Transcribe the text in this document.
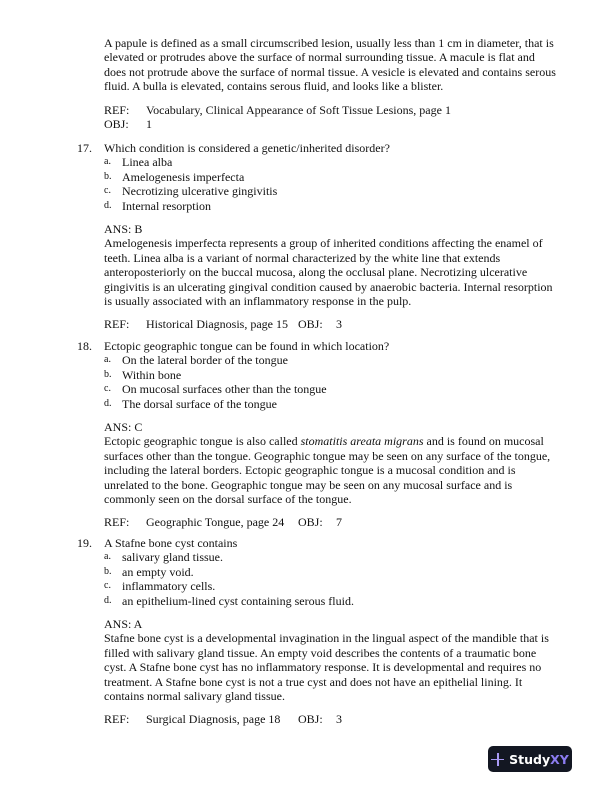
A papule is defined as a small circumscribed lesion, usually less than 1 cm in diameter, that is
elevated or protrudes above the surface of normal surrounding tissue. A macule is flat and
does not protrude above the surface of normal tissue. A vesicle is elevated and contains serous
fluid. A bulla is elevated, contains serous fluid, and looks like a blister.
REF: Vocabulary, Clinical Appearance of Soft Tissue Lesions, page 1
OBJ: 1
17. Which condition is considered a genetic/inherited disorder?
a. Linea alba
b. Amelogenesis imperfecta
c. Necrotizing ulcerative gingivitis
d. Internal resorption
ANS: B
Amelogenesis imperfecta represents a group of inherited conditions affecting the enamel of
teeth. Linea alba is a variant of normal characterized by the white line that extends
anteroposteriorly on the buccal mucosa, along the occlusal plane. Necrotizing ulcerative
gingivitis is an ulcerating gingival condition caused by anaerobic bacteria. Internal resorption
is usually associated with an inflammatory response in the pulp.
REF: Historical Diagnosis, page 15 OBJ: 3
18. Ectopic geographic tongue can be found in which location?
a. On the lateral border of the tongue
b. Within bone
c. On mucosal surfaces other than the tongue
d. The dorsal surface of the tongue
ANS: C
Ectopic geographic tongue is also called stomatitis areata migrans and is found on mucosal
surfaces other than the tongue. Geographic tongue may be seen on any surface of the tongue,
including the lateral borders. Ectopic geographic tongue is a mucosal condition and is
unrelated to the bone. Geographic tongue may be seen on any mucosal surface and is
commonly seen on the dorsal surface of the tongue.
REF: Geographic Tongue, page 24 OBJ: 7
19. A Stafne bone cyst contains
a. salivary gland tissue.
b. an empty void.
c. inflammatory cells.
d. an epithelium-lined cyst containing serous fluid.
ANS: A
Stafne bone cyst is a developmental invagination in the lingual aspect of the mandible that is
filled with salivary gland tissue. An empty void describes the contents of a traumatic bone
cyst. A Stafne bone cyst has no inflammatory response. It is developmental and requires no
treatment. A Stafne bone cyst is not a true cyst and does not have an epithelial lining. It
contains normal salivary gland tissue.
REF: Surgical Diagnosis, page 18 OBJ: 3
StudyXY
